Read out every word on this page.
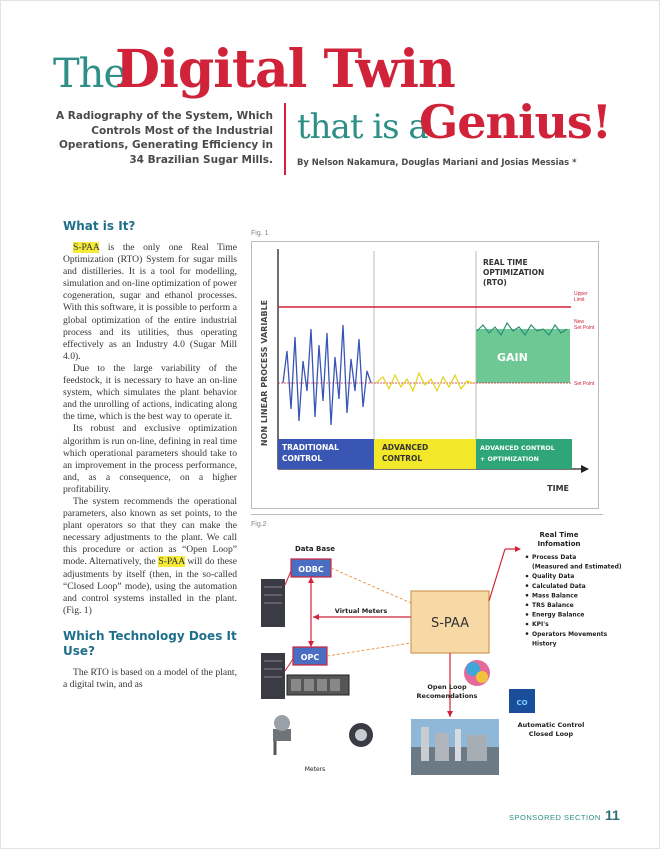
The
Digital Twin
that is a
Genius!
A Radiography of the System, Which Controls Most of the Industrial Operations, Generating Efficiency in 34 Brazilian Sugar Mills.	By Nelson Nakamura, Douglas Mariani and Josias Messias *
What is It?

S-PAA is the only one Real Time Optimization (RTO) System for sugar mills and distilleries. It is a tool for modelling, simulation and on-line optimization of power cogeneration, sugar and ethanol processes. With this software, it is possible to perform a global optimization of the entire industrial process and its utilities, thus operating effectively as an Industry 4.0 (Sugar Mill 4.0).

Due to the large variability of the feedstock, it is necessary to have an on-line system, which simulates the plant behavior and the unrolling of actions, indicating along the time, which is the best way to operate it.

Its robust and exclusive optimization algorithm is run on-line, defining in real time which operational parameters should take to an improvement in the process performance, and, as a consequence, on a higher profitability.

The system recommends the operational parameters, also known as set points, to the plant operators so that they can make the necessary adjustments to the plant. We call this procedure or action as “Open Loop” mode. Alternatively, the S-PAA will do these adjustments by itself (then, in the so-called “Closed Loop” mode), using the automation and control systems installed in the plant. (Fig. 1)

Which Technology Does It Use?

The RTO is based on a model of the plant, a digital twin, and as

Fig. 1
NON LINEAR PROCESS VARIABLE
TIME
REAL TIME
OPTIMIZATION
(RTO)
Upper
Limit
GAIN
New
Set Point
Set Point
TRADITIONAL
CONTROL
ADVANCED
CONTROL
ADVANCED CONTROL
+ OPTIMIZATION
Fig.2
Data Base
ODBC
OPC
Virtual Meters
S-PAA
Real Time
Infomation
Process Data
(Measured and Estimated)
Quality Data
Calculated Data
Mass Balance
TRS Balance
Energy Balance
KPI's
Operators Movements
History
CO
Open Loop
Recomendations
Automatic Control
Closed Loop
Meters
SPONSORED SECTION 11
